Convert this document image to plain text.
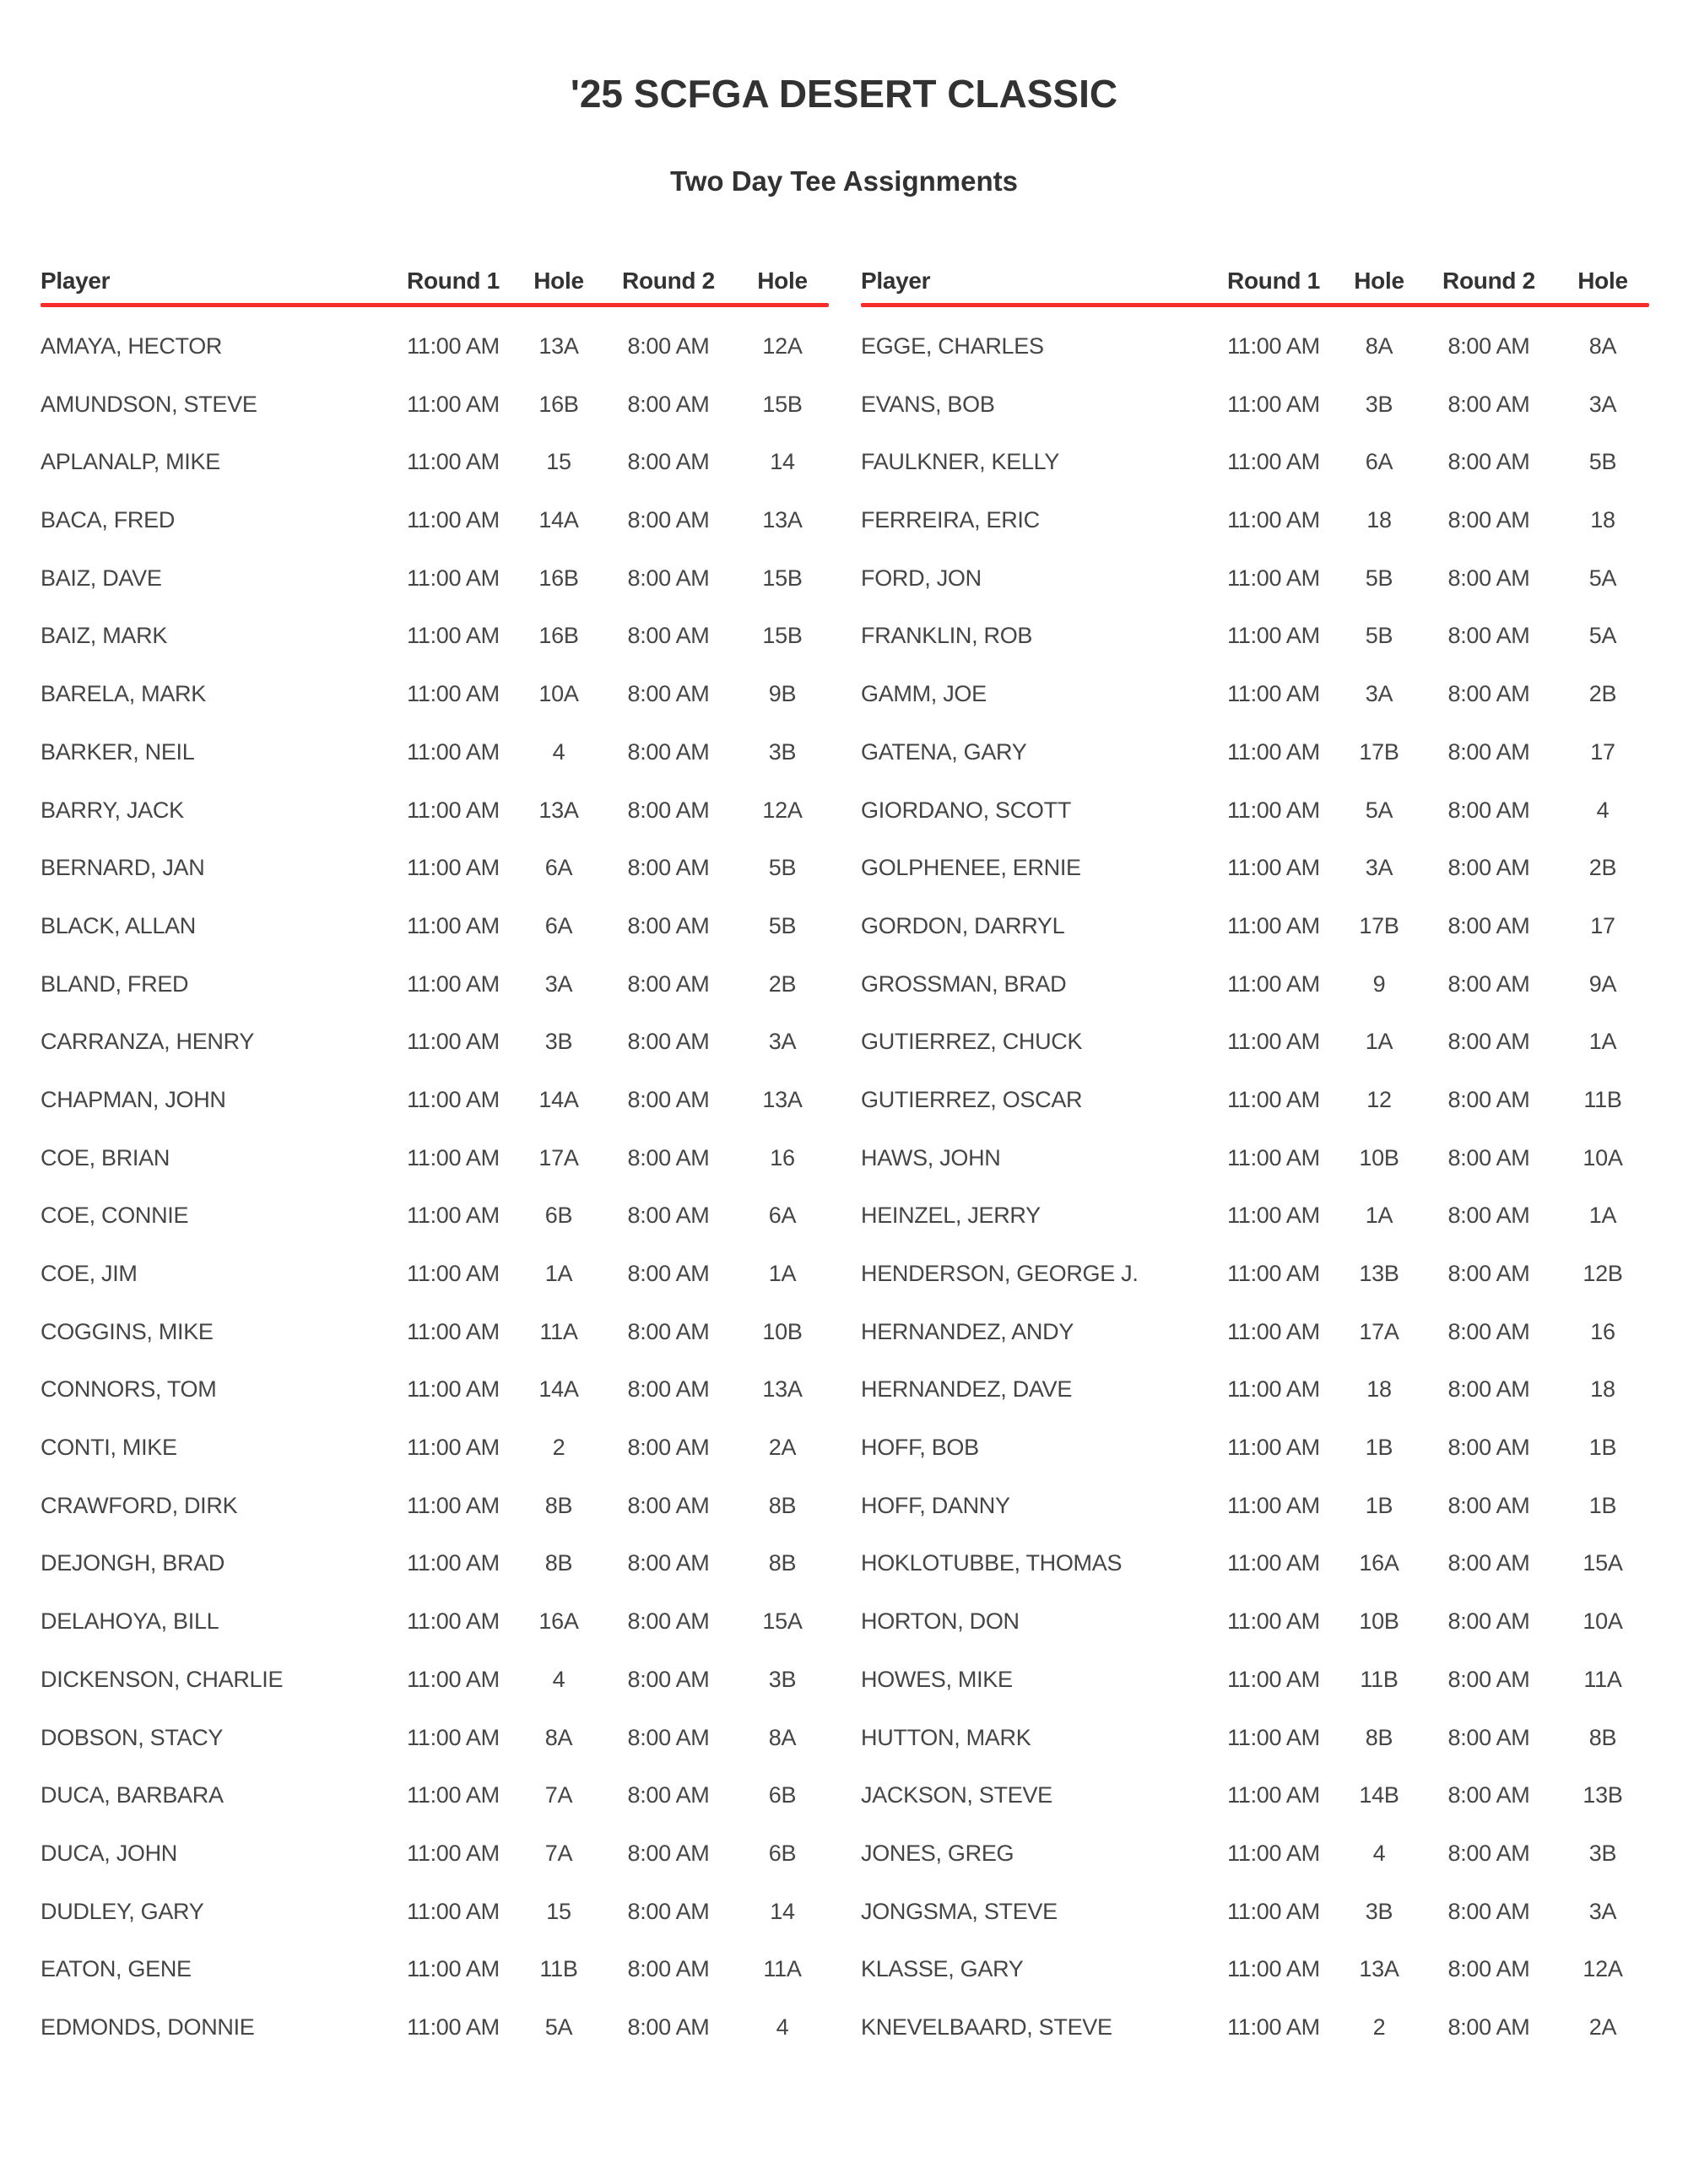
'25 SCFGA DESERT CLASSIC
Two Day Tee Assignments
Player	Round 1	Hole	Round 2	Hole
AMAYA, HECTOR	11:00 AM	13A	8:00 AM	12A
AMUNDSON, STEVE	11:00 AM	16B	8:00 AM	15B
APLANALP, MIKE	11:00 AM	15	8:00 AM	14
BACA, FRED	11:00 AM	14A	8:00 AM	13A
BAIZ, DAVE	11:00 AM	16B	8:00 AM	15B
BAIZ, MARK	11:00 AM	16B	8:00 AM	15B
BARELA, MARK	11:00 AM	10A	8:00 AM	9B
BARKER, NEIL	11:00 AM	4	8:00 AM	3B
BARRY, JACK	11:00 AM	13A	8:00 AM	12A
BERNARD, JAN	11:00 AM	6A	8:00 AM	5B
BLACK, ALLAN	11:00 AM	6A	8:00 AM	5B
BLAND, FRED	11:00 AM	3A	8:00 AM	2B
CARRANZA, HENRY	11:00 AM	3B	8:00 AM	3A
CHAPMAN, JOHN	11:00 AM	14A	8:00 AM	13A
COE, BRIAN	11:00 AM	17A	8:00 AM	16
COE, CONNIE	11:00 AM	6B	8:00 AM	6A
COE, JIM	11:00 AM	1A	8:00 AM	1A
COGGINS, MIKE	11:00 AM	11A	8:00 AM	10B
CONNORS, TOM	11:00 AM	14A	8:00 AM	13A
CONTI, MIKE	11:00 AM	2	8:00 AM	2A
CRAWFORD, DIRK	11:00 AM	8B	8:00 AM	8B
DEJONGH, BRAD	11:00 AM	8B	8:00 AM	8B
DELAHOYA, BILL	11:00 AM	16A	8:00 AM	15A
DICKENSON, CHARLIE	11:00 AM	4	8:00 AM	3B
DOBSON, STACY	11:00 AM	8A	8:00 AM	8A
DUCA, BARBARA	11:00 AM	7A	8:00 AM	6B
DUCA, JOHN	11:00 AM	7A	8:00 AM	6B
DUDLEY, GARY	11:00 AM	15	8:00 AM	14
EATON, GENE	11:00 AM	11B	8:00 AM	11A
EDMONDS, DONNIE	11:00 AM	5A	8:00 AM	4
Player	Round 1	Hole	Round 2	Hole
EGGE, CHARLES	11:00 AM	8A	8:00 AM	8A
EVANS, BOB	11:00 AM	3B	8:00 AM	3A
FAULKNER, KELLY	11:00 AM	6A	8:00 AM	5B
FERREIRA, ERIC	11:00 AM	18	8:00 AM	18
FORD, JON	11:00 AM	5B	8:00 AM	5A
FRANKLIN, ROB	11:00 AM	5B	8:00 AM	5A
GAMM, JOE	11:00 AM	3A	8:00 AM	2B
GATENA, GARY	11:00 AM	17B	8:00 AM	17
GIORDANO, SCOTT	11:00 AM	5A	8:00 AM	4
GOLPHENEE, ERNIE	11:00 AM	3A	8:00 AM	2B
GORDON, DARRYL	11:00 AM	17B	8:00 AM	17
GROSSMAN, BRAD	11:00 AM	9	8:00 AM	9A
GUTIERREZ, CHUCK	11:00 AM	1A	8:00 AM	1A
GUTIERREZ, OSCAR	11:00 AM	12	8:00 AM	11B
HAWS, JOHN	11:00 AM	10B	8:00 AM	10A
HEINZEL, JERRY	11:00 AM	1A	8:00 AM	1A
HENDERSON, GEORGE J.	11:00 AM	13B	8:00 AM	12B
HERNANDEZ, ANDY	11:00 AM	17A	8:00 AM	16
HERNANDEZ, DAVE	11:00 AM	18	8:00 AM	18
HOFF, BOB	11:00 AM	1B	8:00 AM	1B
HOFF, DANNY	11:00 AM	1B	8:00 AM	1B
HOKLOTUBBE, THOMAS	11:00 AM	16A	8:00 AM	15A
HORTON, DON	11:00 AM	10B	8:00 AM	10A
HOWES, MIKE	11:00 AM	11B	8:00 AM	11A
HUTTON, MARK	11:00 AM	8B	8:00 AM	8B
JACKSON, STEVE	11:00 AM	14B	8:00 AM	13B
JONES, GREG	11:00 AM	4	8:00 AM	3B
JONGSMA, STEVE	11:00 AM	3B	8:00 AM	3A
KLASSE, GARY	11:00 AM	13A	8:00 AM	12A
KNEVELBAARD, STEVE	11:00 AM	2	8:00 AM	2A
